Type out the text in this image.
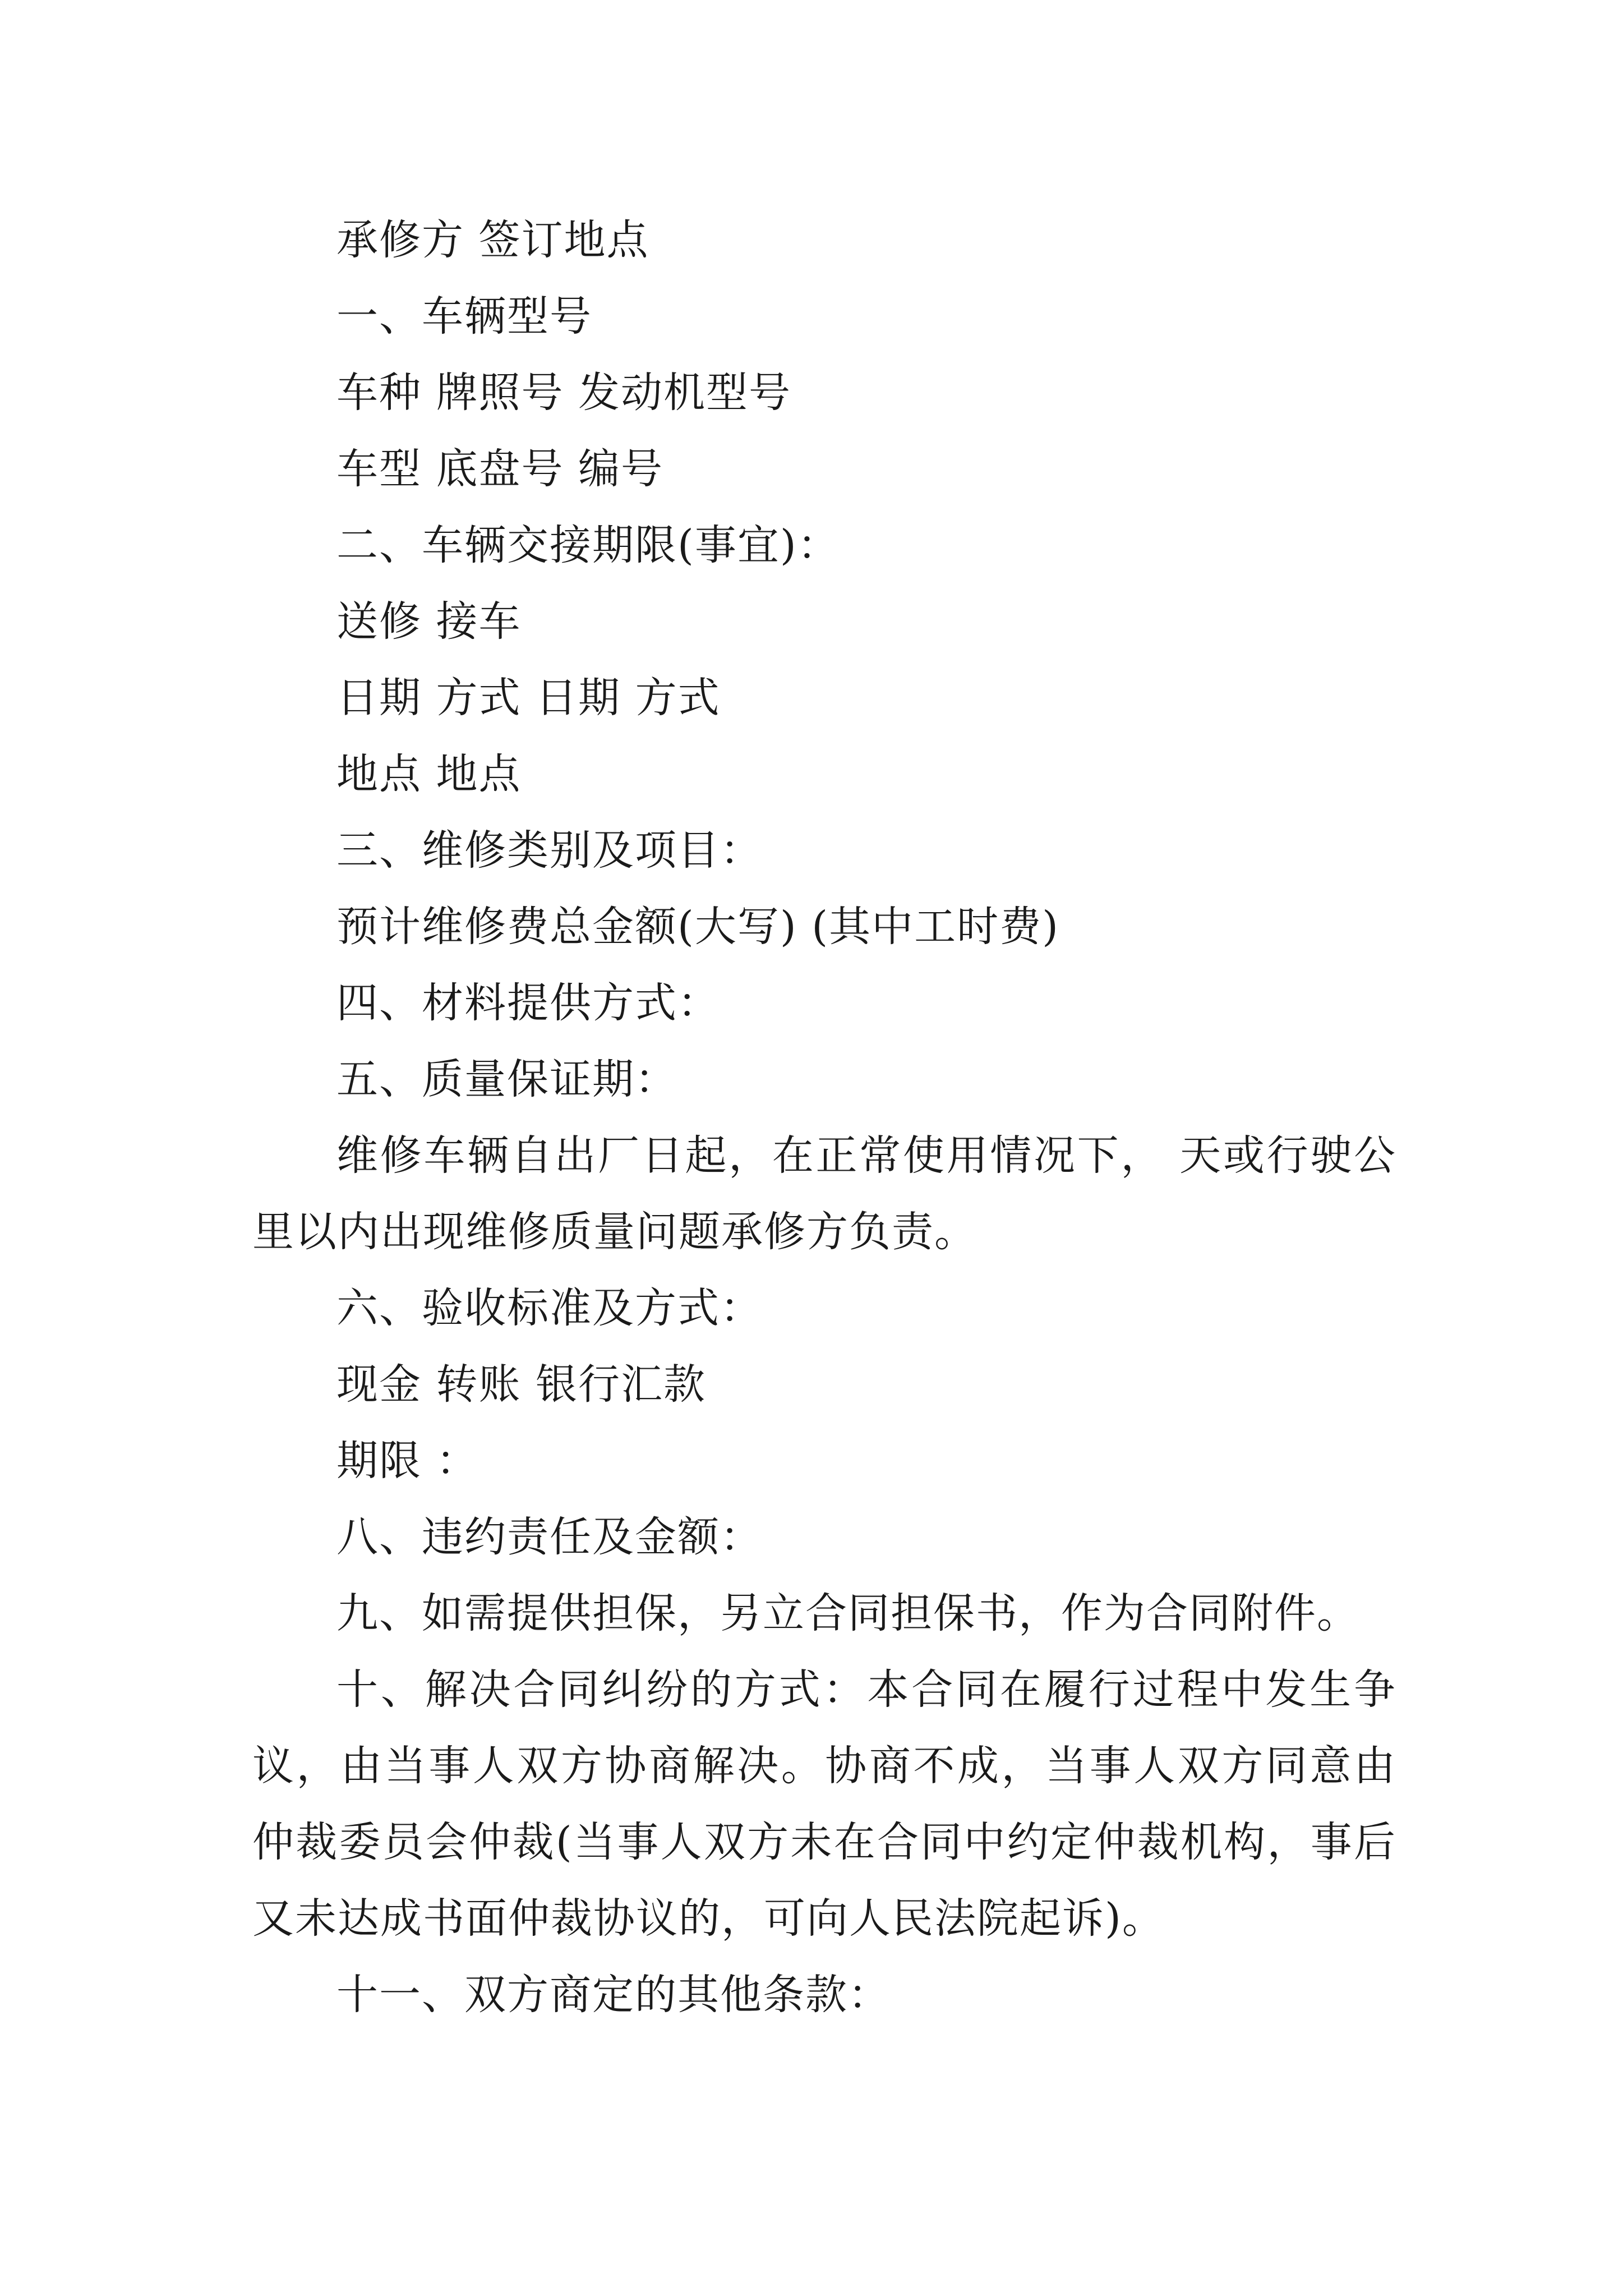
承修方 签订地点

一、车辆型号

车种 牌照号 发动机型号

车型 底盘号 编号

二、车辆交接期限(事宜)：

送修 接车

日期 方式 日期 方式

地点 地点

三、维修类别及项目：

预计维修费总金额(大写) (其中工时费)

四、材料提供方式：

五、质量保证期：

维修车辆自出厂日起，在正常使用情况下， 天或行驶公里以内出现维修质量问题承修方负责。

六、验收标准及方式：

现金 转账 银行汇款

期限 ：

八、违约责任及金额：

九、如需提供担保，另立合同担保书，作为合同附件。

十、解决合同纠纷的方式：本合同在履行过程中发生争议，由当事人双方协商解决。协商不成，当事人双方同意由仲裁委员会仲裁(当事人双方未在合同中约定仲裁机构，事后又未达成书面仲裁协议的，可向人民法院起诉)。

十一、双方商定的其他条款：
